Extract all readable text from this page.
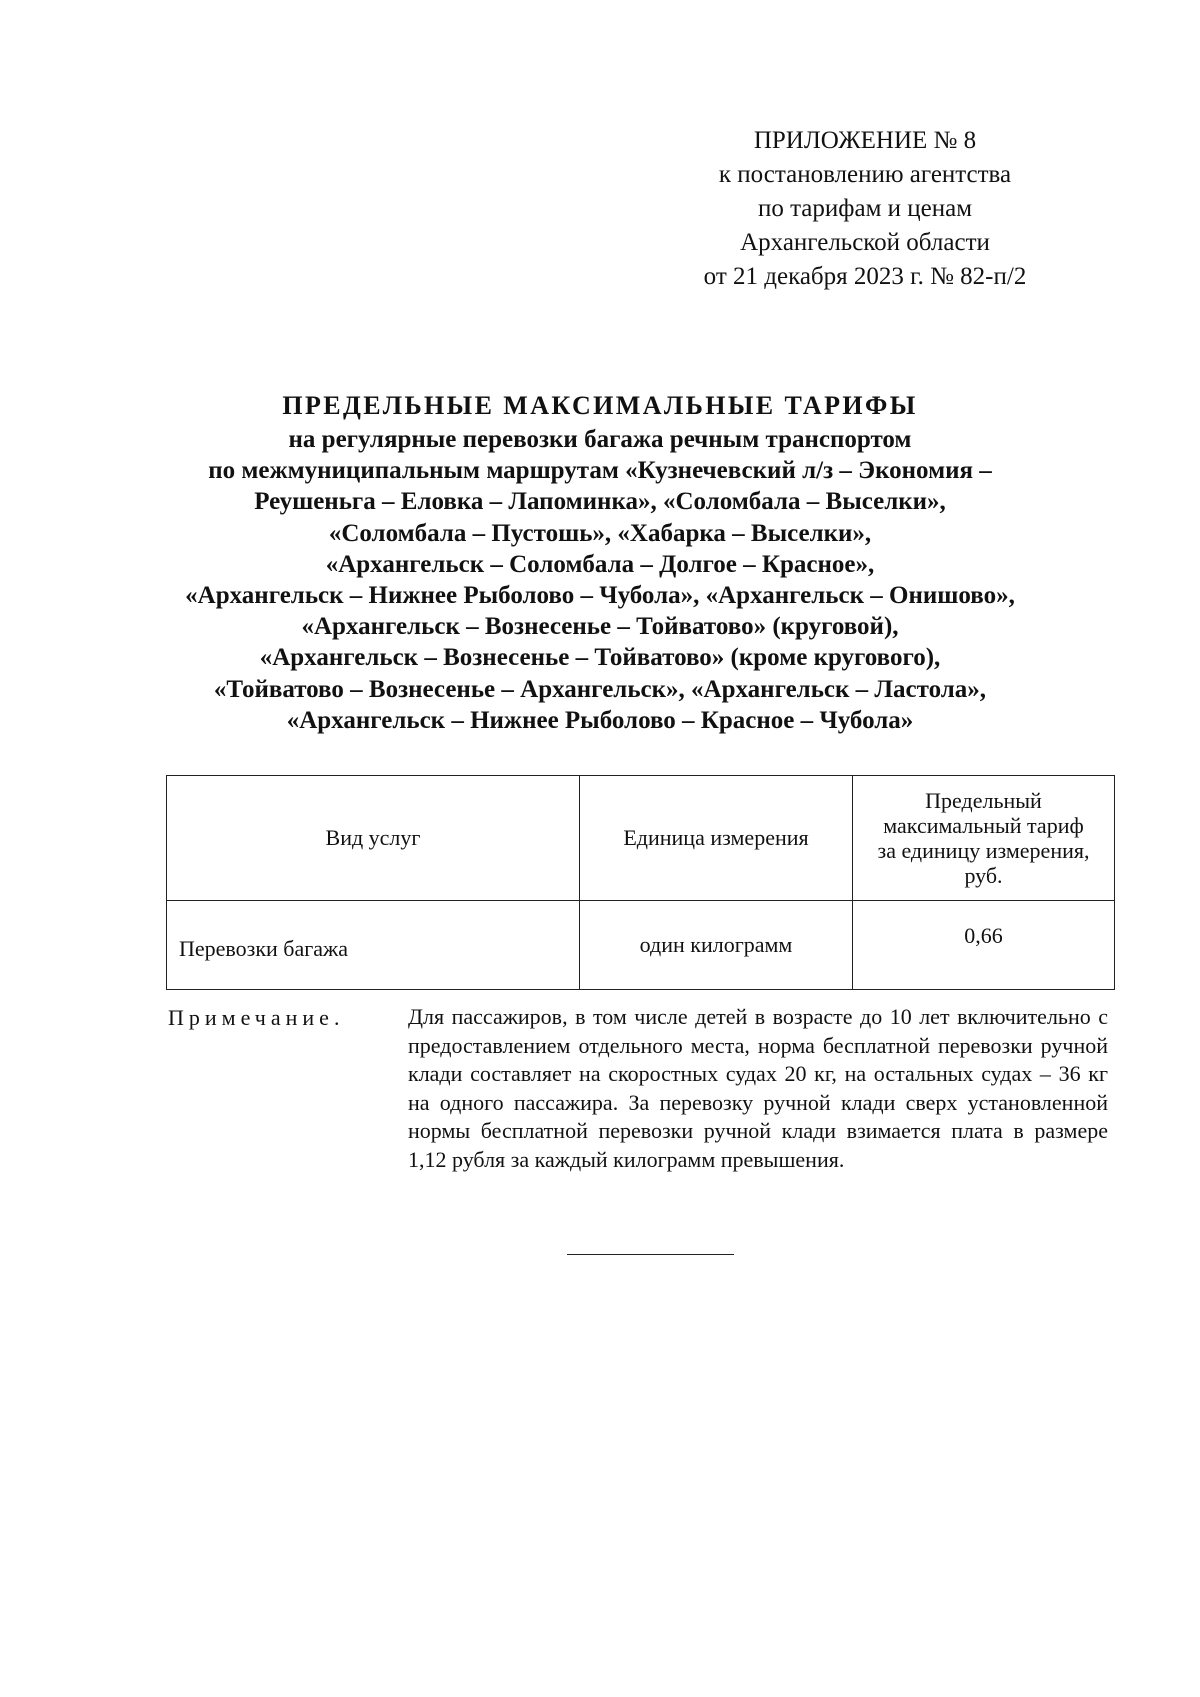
ПРИЛОЖЕНИЕ № 8
к постановлению агентства
по тарифам и ценам
Архангельской области
от 21 декабря 2023 г. № 82-п/2
ПРЕДЕЛЬНЫЕ МАКСИМАЛЬНЫЕ ТАРИФЫ
на регулярные перевозки багажа речным транспортом
по межмуниципальным маршрутам «Кузнечевский л/з – Экономия –
Реушеньга – Еловка – Лапоминка», «Соломбала – Выселки»,
«Соломбала – Пустошь», «Хабарка – Выселки»,
«Архангельск – Соломбала – Долгое – Красное»,
«Архангельск – Нижнее Рыболово – Чубола», «Архангельск – Онишово»,
«Архангельск – Вознесенье – Тойватово» (круговой),
«Архангельск – Вознесенье – Тойватово» (кроме кругового),
«Тойватово – Вознесенье – Архангельск», «Архангельск – Ластола»,
«Архангельск – Нижнее Рыболово – Красное – Чубола»
Вид услуг	Единица измерения	Предельный
максимальный тариф
за единицу измерения,
руб.

Перевозки багажа	один килограмм	0,66
Примечание.	Для пассажиров, в том числе детей в возрасте до 10 лет включительно с предоставлением отдельного места, норма бесплатной перевозки ручной клади составляет на скоростных судах 20 кг, на остальных судах – 36 кг на одного пассажира. За перевозку ручной клади сверх установленной нормы бесплатной перевозки ручной клади взимается плата в размере 1,12 рубля за каждый килограмм превышения.
